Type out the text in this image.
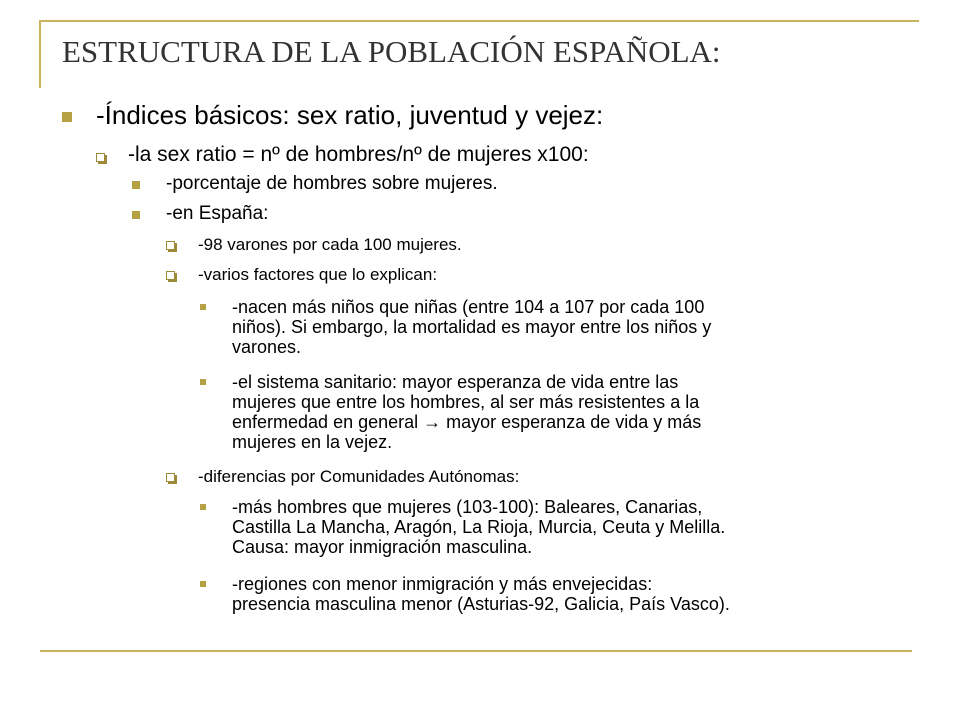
ESTRUCTURA DE LA POBLACIÓN ESPAÑOLA:
-Índices básicos: sex ratio, juventud y vejez:
-la sex ratio = nº de hombres/nº de mujeres x100:
-porcentaje de hombres sobre mujeres.
-en España:
-98 varones por cada 100 mujeres.
-varios factores que lo explican:
-nacen más niños que niñas (entre 104 a 107 por cada 100
niños). Si embargo, la mortalidad es mayor entre los niños y
varones.
-el sistema sanitario: mayor esperanza de vida entre las
mujeres que entre los hombres, al ser más resistentes a la
enfermedad en general → mayor esperanza de vida y más
mujeres en la vejez.
-diferencias por Comunidades Autónomas:
-más hombres que mujeres (103-100): Baleares, Canarias,
Castilla La Mancha, Aragón, La Rioja, Murcia, Ceuta y Melilla.
Causa: mayor inmigración masculina.
-regiones con menor inmigración y más envejecidas:
presencia masculina menor (Asturias-92, Galicia, País Vasco).
